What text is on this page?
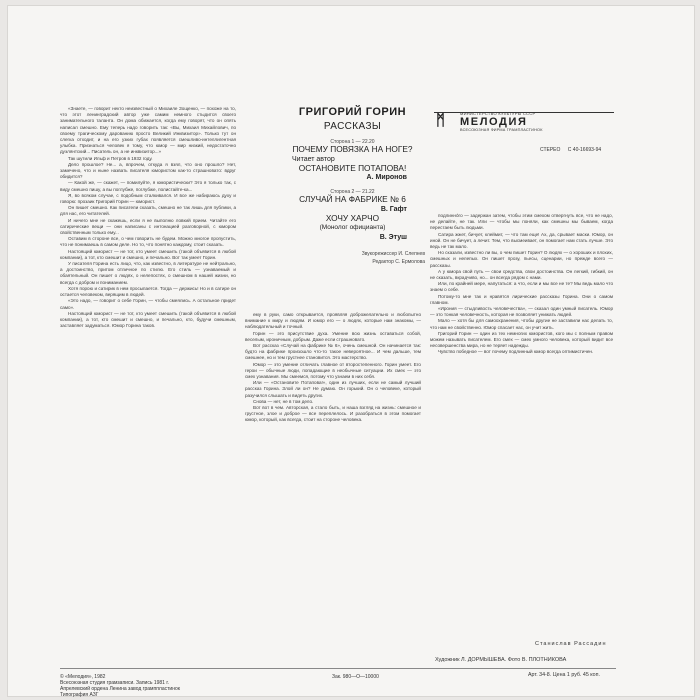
«Знаете, — говорит некто неизвестный о Михаиле Зощенко, — похоже на то, что этот ленинградский автор уже самим немного стыдится своего занимательного таланта. Он дома обижается, когда ему говорят, что он опять написал смешно. Ему теперь надо говорить так: «Вы, Михаил Михайлович, по своему трагическому дарованию просто Великий Инквизитор». Только тут он слегка отходит, и на его узких губах появляется смешливо-интеллигентная улыбка. Признаться человек я тому, что юмор — мир низкий, недостаточно дуэлянтский... Писатель он, а не инквизитор...»

Так шутили Ильф и Петров в 1932 году.

Дело прошлое? Не... а, впрочем, откуда я взял, что оно прошло? Нет, замечено, что и ныне назвать писателя юмористом как-то страшновато: вдруг обидится?

— Какой же, — скажет, — помилуйте, я юмористически? Это я только так, с виду смешно пишу, а вы поглубже, поглубже, полистайте-ка...

Я, во всяком случае, с подобным сталкивался. И все же набираюсь духу и говорю: прозаик Григорий Горин — юморист.

Он пишет смешно. Как писатели сказать, смешно не так лишь для публики, а для нас, его читателей.

И ничего мне не скажешь, если я не выполню ловкий прием. Читайте его сатирические вещи — они написаны с интонацией разговорной, с юмором свойственным только ему...

Оставим в стороне все, о чем говорить не будем. Можно многое пропустить, что не понимаешь в самом деле. Но то, что понятно каждому, стоит сказать.

Настоящий юморист — не тот, кто умеет смешить (такой объявится в любой компании), а тот, кто смешит и смешно, и печально. Вот так умеет Горин.

У писателя Горина есть лицо, что, как известно, в литературе не нейтрально, а достоинство, притом отличное по стилю. Его стиль — узнаваемый и обаятельный. Он пишет о людях, о нелепостях, о смешном в нашей жизни, но всегда с добром и пониманием.

Хотя порою и сатирик в нем просыпается. Тогда — держись! Но и в сатире он остается человеком, верящим в людей.

«Это надо, — говорит о себе Горин, — чтобы смеялись. А остальное придет само».

Настоящий юморист — не тот, кто умеет смешить (такой объявится в любой компании), а тот, кто смешит и смешно, и печально, кто, будучи смешным, заставляет задуматься. Юмор Горина таков.

ГРИГОРИЙ ГОРИН
РАССКАЗЫ
Сторона 1 — 22.20
ПОЧЕМУ ПОВЯЗКА НА НОГЕ?
Читает автор
ОСТАНОВИТЕ ПОТАПОВА!
А. Миронов
Сторона 2 — 21.22
СЛУЧАЙ НА ФАБРИКЕ № 6
В. Гафт
ХОЧУ ХАРЧО
(Монолог официанта)
В. Этуш
Звукорежиссер И. Слепнев
Редактор С. Ермолова
ᛗ	МИНИСТЕРСТВО КУЛЬТУРЫ СССР
МЕЛОДИЯ
ВСЕСОЮЗНАЯ ФИРМА ГРАМПЛАСТИНОК
СТЕРЕО С 40-16693-94

ему в руки, само открывается, проявляя доброжелательно и любопытно внимание к миру и людям. И юмор его — о людях, которые нам знакомы, — наблюдательный и точный.

Горин — это присутствие духа. Умение всю жизнь оставаться собой, веселым, ироничным, добрым. Даже если страшновато.

Вот рассказ «Случай на фабрике № 6», очень смешной. Он начинается так: будто на фабрике произошло что-то такое невероятное... И чем дальше, тем смешнее, но и тем грустнее становится. Это мастерство.

Юмор — это умение отличать главное от второстепенного. Горин умеет. Его герои — обычные люди, попадающие в необычные ситуации. Их смех — это смех узнавания. Мы смеемся, потому что узнаем в них себя.

Или — «Остановите Потапова!», один из лучших, если не самый лучший рассказ Горина. Злой ли он? Не думаю. Он горький. Он о человеке, который разучился слышать и видеть других.

Снова — нет, не в том дело.

Вот вот в чем. Авторская, а стало быть, и наша взгляд на жизнь: смешное и грустное, злое и доброе — все переплелось. И разобраться в этом помогает юмор, который, как всегда, стоит на стороне человека.

подлинно́го — задержан затем, чтобы этим смехом отвергнуть все, что не надо, не делайте, не так. Или — чтобы мы поняли, как смешны мы бываем, когда перестаем быть людьми.

Сатира жжет, бичует, клеймит, — что там еще! Ах, да, срывает маски. Юмор, он иной. Он не бичует, а лечит. Тем, что высмеивает, он помогает нам стать лучше. Это ведь не так мало.

Но сказали, известно ли вы, о чем пишет Горин? О людях — о хороших и плохих, смешных и нелепых. Он пишет прозу, пьесы, сценарии, но прежде всего — рассказы.

А у юмора свой путь — свои средства, свои достоинства. Он легкий, гибкий, он не сказать, вкрадчиво, но... он всегда рядом с нами.

Или, по крайней мере, напутаться: а что, если и мы все не те? Мы ведь мало что знаем о себе.

Потому-то мне так и нравятся лирические рассказы Горина. Они о самом главном.

«Ирония — стыдливость человечества», — сказал один умный писатель. Юмор — это тонкая человечность, которая не позволяет унижать людей.

Мало — хотя бы для самоохранения, чтобы другие не заставили нас делать то, что нам не свойственно. Юмор спасает нас, он учит жить.

Григорий Горин — один из тех немногих юмористов, кого мы с полным правом можем называть писателем. Его смех — смех умного человека, который видит все несовершенства мира, но не теряет надежды.

Чувство победное — вот почему подлинный юмор всегда оптимистичен.

Станислав Рассадин
Художник Л. ДОРМЫШЕВА. Фото В. ПЛОТНИКОВА
© «Мелодия», 1982
Всесоюзная студия грамзаписи. Запись 1981 г.
Апрелевский ордена Ленина завод грамппластинок
Типография АЗГ
Зак. 980—О—10000	Арт. 34-8. Цена 1 руб. 45 коп.
